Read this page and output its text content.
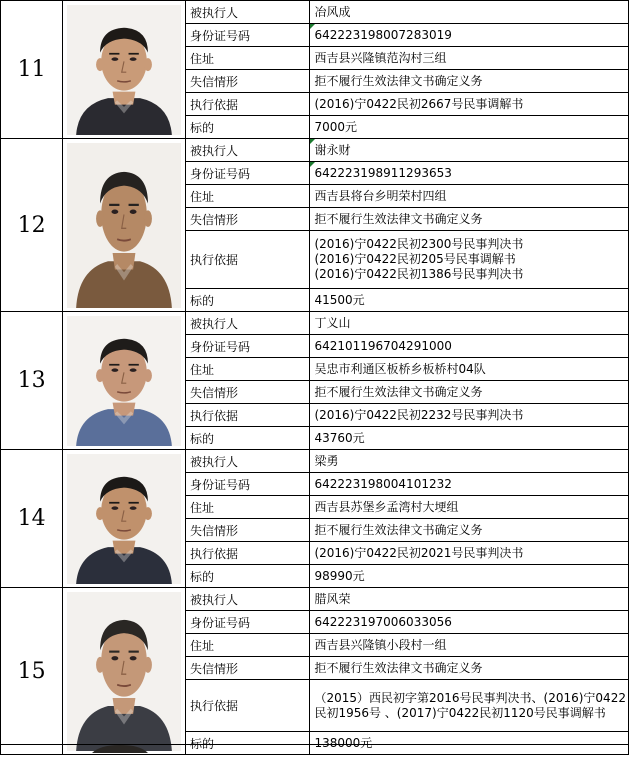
11		被执行人	冶风成
		身份证号码	642223198007283019

		住址	西吉县兴隆镇范沟村三组
		失信情形	拒不履行生效法律文书确定义务
		执行依据	(2016)宁0422民初2667号民事调解书

		标的	7000元
12		被执行人	谢永财

		身份证号码	642223198911293653

		住址	西吉县将台乡明荣村四组
		失信情形	拒不履行生效法律文书确定义务
		执行依据	(2016)宁0422民初2300号民事判决书
(2016)宁0422民初205号民事调解书
(2016)宁0422民初1386号民事判决书

		标的	41500元
13		被执行人	丁义山
		身份证号码	642101196704291000
		住址	吴忠市利通区板桥乡板桥村04队
		失信情形	拒不履行生效法律文书确定义务
		执行依据	(2016)宁0422民初2232号民事判决书

		标的	43760元
14		被执行人	梁勇
		身份证号码	642223198004101232
		住址	西吉县苏堡乡孟湾村大埂组
		失信情形	拒不履行生效法律文书确定义务
		执行依据	(2016)宁0422民初2021号民事判决书

		标的	98990元
15		被执行人	腊风荣
		身份证号码	642223197006033056
		住址	西吉县兴隆镇小段村一组
		失信情形	拒不履行生效法律文书确定义务
		执行依据	（2015）西民初字第2016号民事判决书、(2016)宁0422民初1956号 、(2017)宁0422民初1120号民事调解书

		标的	138000元
